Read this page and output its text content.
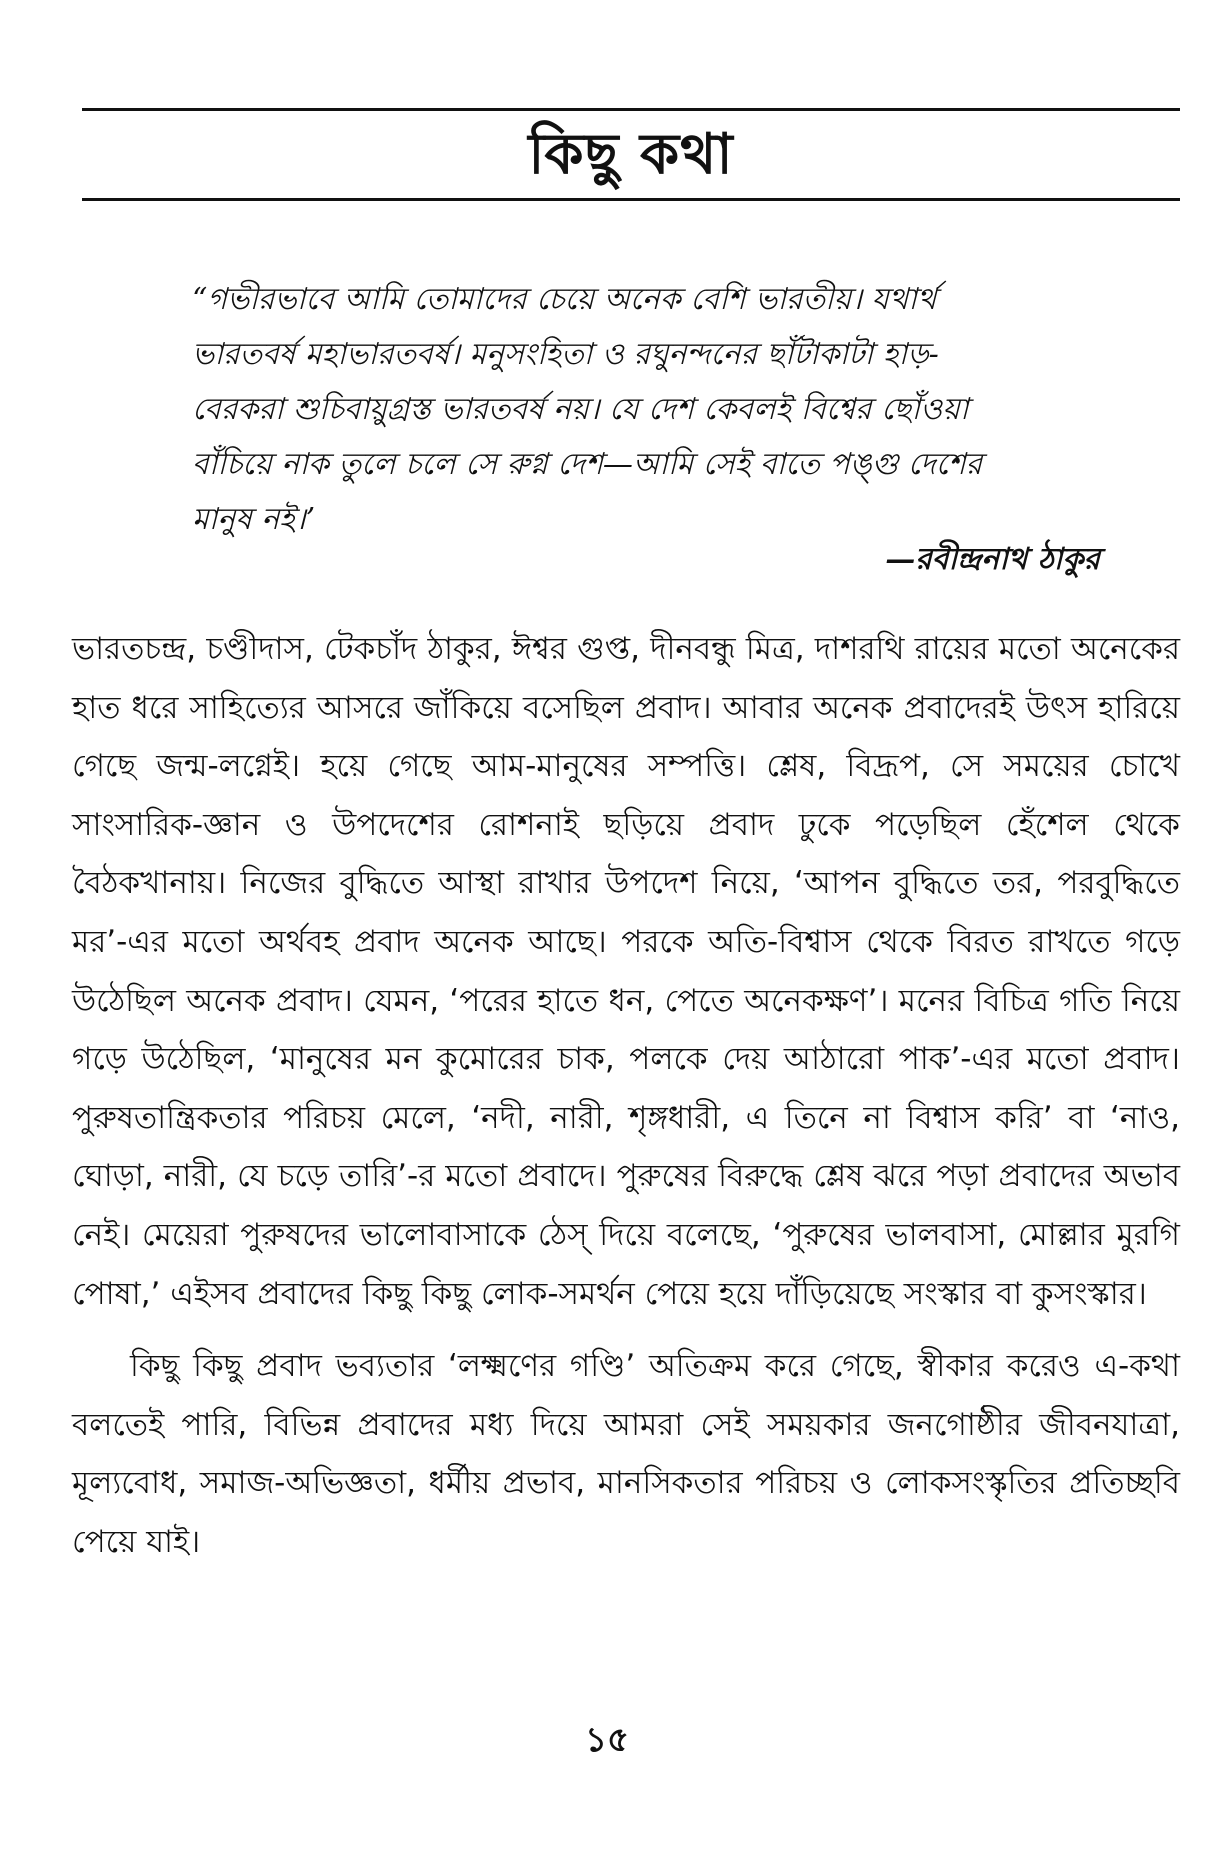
কিছু কথা
“গভীরভাবে আমি তোমাদের চেয়ে অনেক বেশি ভারতীয়। যথার্থ ভারতবর্ষ মহাভারতবর্ষ। মনুসংহিতা ও রঘুনন্দনের ছাঁটাকাটা হাড়-বেরকরা শুচিবায়ুগ্রস্ত ভারতবর্ষ নয়। যে দেশ কেবলই বিশ্বের ছোঁওয়া বাঁচিয়ে নাক তুলে চলে সে রুগ্ন দেশ—আমি সেই বাতে পঙ্গু দেশের মানুষ নই।’
—রবীন্দ্রনাথ ঠাকুর

ভারতচন্দ্র, চণ্ডীদাস, টেকচাঁদ ঠাকুর, ঈশ্বর গুপ্ত, দীনবন্ধু মিত্র, দাশরথি রায়ের মতো অনেকের হাত ধরে সাহিত্যের আসরে জাঁকিয়ে বসেছিল প্রবাদ। আবার অনেক প্রবাদেরই উৎস হারিয়ে গেছে জন্ম-লগ্নেই। হয়ে গেছে আম-মানুষের সম্পত্তি। শ্লেষ, বিদ্রূপ, সে সময়ের চোখে সাংসারিক-জ্ঞান ও উপদেশের রোশনাই ছড়িয়ে প্রবাদ ঢুকে পড়েছিল হেঁশেল থেকে বৈঠকখানায়। নিজের বুদ্ধিতে আস্থা রাখার উপদেশ নিয়ে, ‘আপন বুদ্ধিতে তর, পরবুদ্ধিতে মর’-এর মতো অর্থবহ প্রবাদ অনেক আছে। পরকে অতি-বিশ্বাস থেকে বিরত রাখতে গড়ে উঠেছিল অনেক প্রবাদ। যেমন, ‘পরের হাতে ধন, পেতে অনেকক্ষণ’। মনের বিচিত্র গতি নিয়ে গড়ে উঠেছিল, ‘মানুষের মন কুমোরের চাক, পলকে দেয় আঠারো পাক’-এর মতো প্রবাদ। পুরুষতান্ত্রিকতার পরিচয় মেলে, ‘নদী, নারী, শৃঙ্গধারী, এ তিনে না বিশ্বাস করি’ বা ‘নাও, ঘোড়া, নারী, যে চড়ে তারি’-র মতো প্রবাদে। পুরুষের বিরুদ্ধে শ্লেষ ঝরে পড়া প্রবাদের অভাব নেই। মেয়েরা পুরুষদের ভালোবাসাকে ঠেস্ দিয়ে বলেছে, ‘পুরুষের ভালবাসা, মোল্লার মুরগি পোষা,’ এইসব প্রবাদের কিছু কিছু লোক-সমর্থন পেয়ে হয়ে দাঁড়িয়েছে সংস্কার বা কুসংস্কার।

কিছু কিছু প্রবাদ ভব্যতার ‘লক্ষ্মণের গণ্ডি’ অতিক্রম করে গেছে, স্বীকার করেও এ-কথা বলতেই পারি, বিভিন্ন প্রবাদের মধ্য দিয়ে আমরা সেই সময়কার জনগোষ্ঠীর জীবনযাত্রা, মূল্যবোধ, সমাজ-অভিজ্ঞতা, ধর্মীয় প্রভাব, মানসিকতার পরিচয় ও লোকসংস্কৃতির প্রতিচ্ছবি পেয়ে যাই।

১৫
